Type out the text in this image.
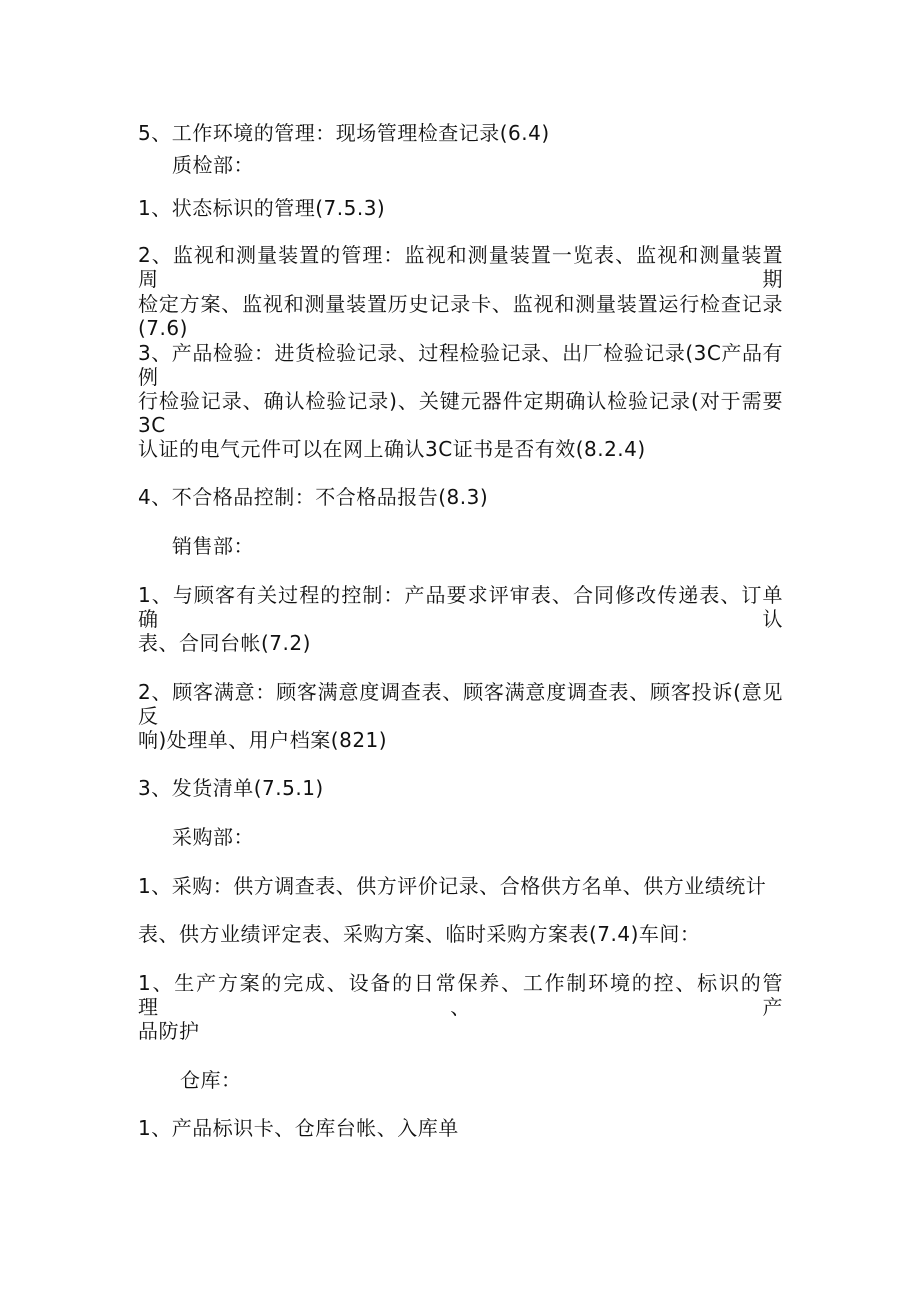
5、工作环境的管理：现场管理检查记录(6.4)
质检部：
1、状态标识的管理(7.5.3)
2、监视和测量装置的管理：监视和测量装置一览表、监视和测量装置周期
检定方案、监视和测量装置历史记录卡、监视和测量装置运行检查记录(7.6)
3、产品检验：进货检验记录、过程检验记录、出厂检验记录(3C产品有例
行检验记录、确认检验记录)、关键元器件定期确认检验记录(对于需要3C
认证的电气元件可以在网上确认3C证书是否有效(8.2.4)
4、不合格品控制：不合格品报告(8.3)
销售部：
1、与顾客有关过程的控制：产品要求评审表、合同修改传递表、订单确认
表、合同台帐(7.2)
2、顾客满意：顾客满意度调查表、顾客满意度调查表、顾客投诉(意见反
响)处理单、用户档案(821)
3、发货清单(7.5.1)
采购部：
1、采购：供方调查表、供方评价记录、合格供方名单、供方业绩统计
表、供方业绩评定表、采购方案、临时采购方案表(7.4)车间：
1、生产方案的完成、设备的日常保养、工作制环境的控、标识的管理、产
品防护
仓库：
1、产品标识卡、仓库台帐、入库单
